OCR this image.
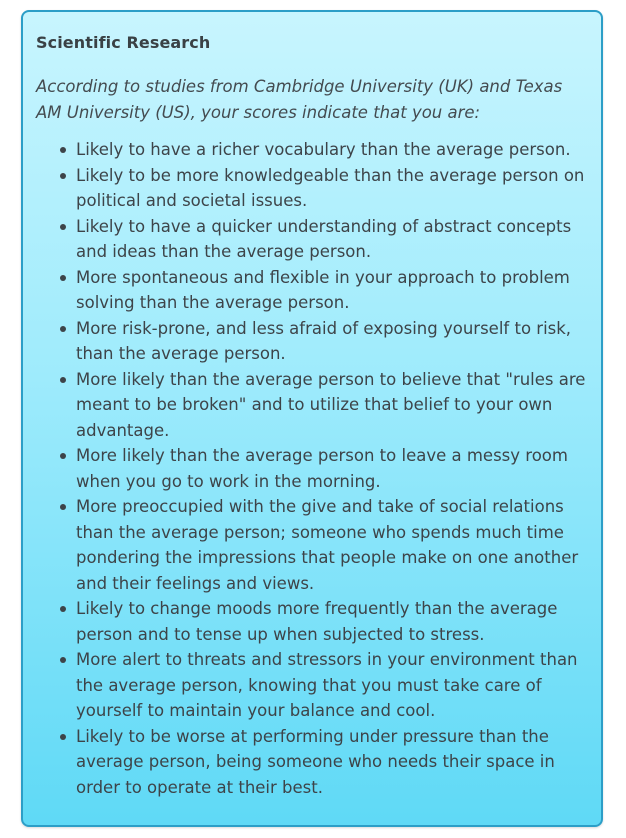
Scientific Research

According to studies from Cambridge University (UK) and Texas AM University (US), your scores indicate that you are:

Likely to have a richer vocabulary than the average person.
Likely to be more knowledgeable than the average person on political and societal issues.
Likely to have a quicker understanding of abstract concepts and ideas than the average person.
More spontaneous and flexible in your approach to problem solving than the average person.
More risk-prone, and less afraid of exposing yourself to risk, than the average person.
More likely than the average person to believe that "rules are meant to be broken" and to utilize that belief to your own advantage.
More likely than the average person to leave a messy room when you go to work in the morning.
More preoccupied with the give and take of social relations than the average person; someone who spends much time pondering the impressions that people make on one another and their feelings and views.
Likely to change moods more frequently than the average person and to tense up when subjected to stress.
More alert to threats and stressors in your environment than the average person, knowing that you must take care of yourself to maintain your balance and cool.
Likely to be worse at performing under pressure than the average person, being someone who needs their space in order to operate at their best.
